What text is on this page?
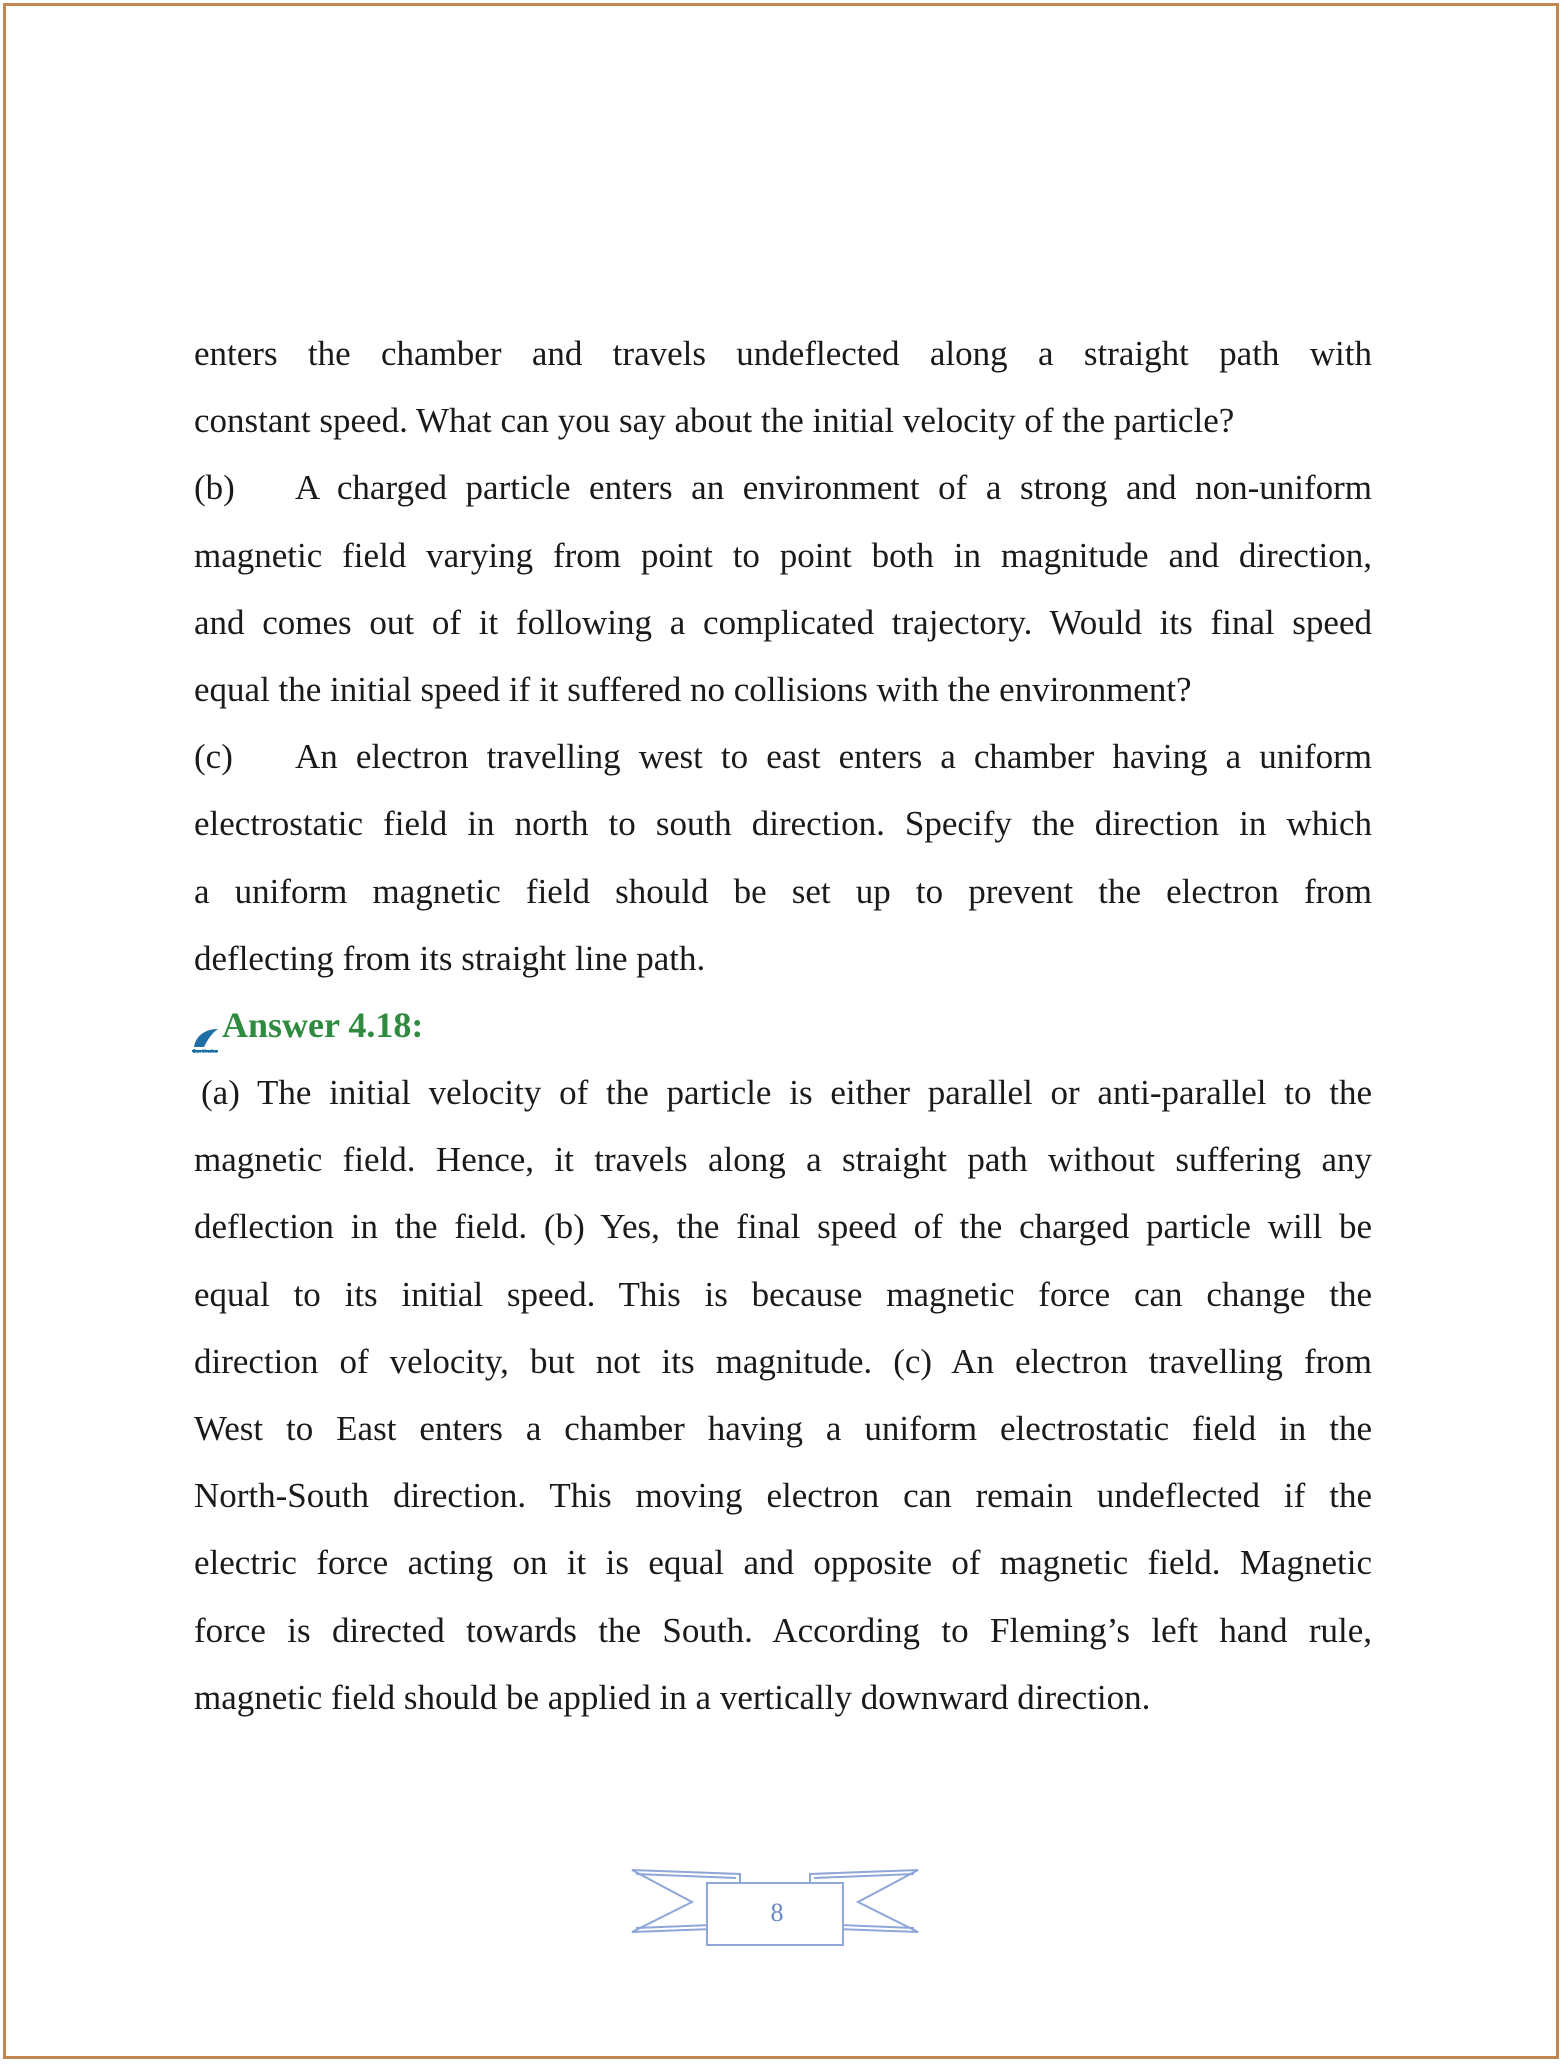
enters the chamber and travels undeflected along a straight path with
constant speed. What can you say about the initial velocity of the particle?
(b) A charged particle enters an environment of a strong and non-uniform
magnetic field varying from point to point both in magnitude and direction,
and comes out of it following a complicated trajectory. Would its final speed
equal the initial speed if it suffered no collisions with the environment?
(c) An electron travelling west to east enters a chamber having a uniform
electrostatic field in north to south direction. Specify the direction in which
a uniform magnetic field should be set up to prevent the electron from
deflecting from its straight line path.
Sarthaks
Answer 4.18:
(a) The initial velocity of the particle is either parallel or anti-parallel to the
magnetic field. Hence, it travels along a straight path without suffering any
deflection in the field. (b) Yes, the final speed of the charged particle will be
equal to its initial speed. This is because magnetic force can change the
direction of velocity, but not its magnitude. (c) An electron travelling from
West to East enters a chamber having a uniform electrostatic field in the
North-South direction. This moving electron can remain undeflected if the
electric force acting on it is equal and opposite of magnetic field. Magnetic
force is directed towards the South. According to Fleming’s left hand rule,
magnetic field should be applied in a vertically downward direction.
8
